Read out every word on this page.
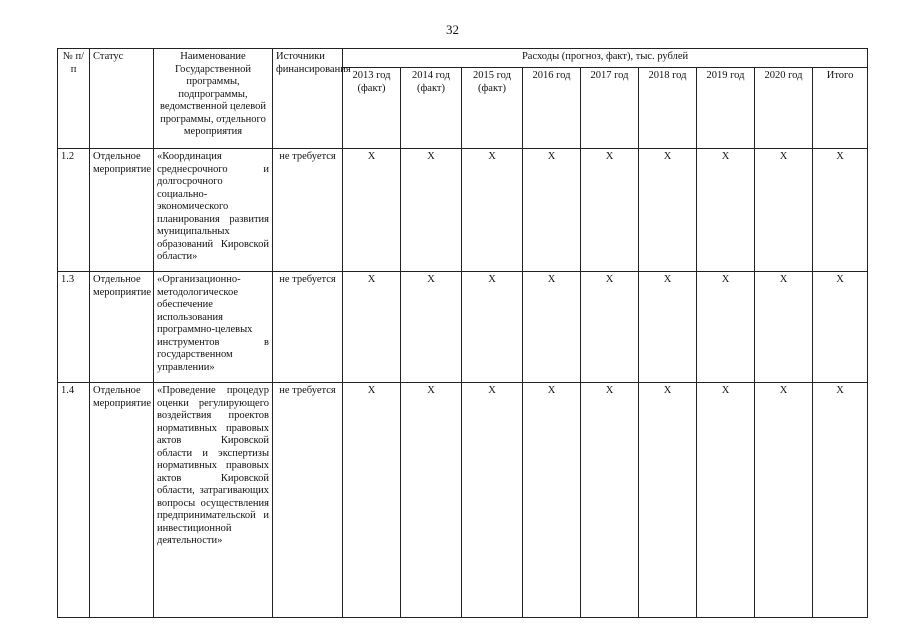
32
№ п/п	Статус	Наименование Государственной программы, подпрограммы, ведомственной целевой программы, отдельного мероприятия	Источники финансирования	Расходы (прогноз, факт), тыс. рублей								
				2013 год (факт)	2014 год (факт)	2015 год (факт)	2016 год	2017 год	2018 год	2019 год	2020 год	Итого
1.2	Отдельное мероприятие	«Координация среднесрочного и долгосрочного социально-экономического планирования развития муниципальных образований Кировской области»	не требуется	X	X	X	X	X	X	X	X	X
1.3	Отдельное мероприятие	«Организационно-методологическое обеспечение использования программно-целевых инструментов в государственном управлении»	не требуется	X	X	X	X	X	X	X	X	X
1.4	Отдельное мероприятие	«Проведение процедур оценки регулирующего воздействия проектов нормативных правовых актов Кировской области и экспертизы нормативных правовых актов Кировской области, затрагивающих вопросы осуществления предпринимательской и инвестиционной деятельности»	не требуется	X	X	X	X	X	X	X	X	X
